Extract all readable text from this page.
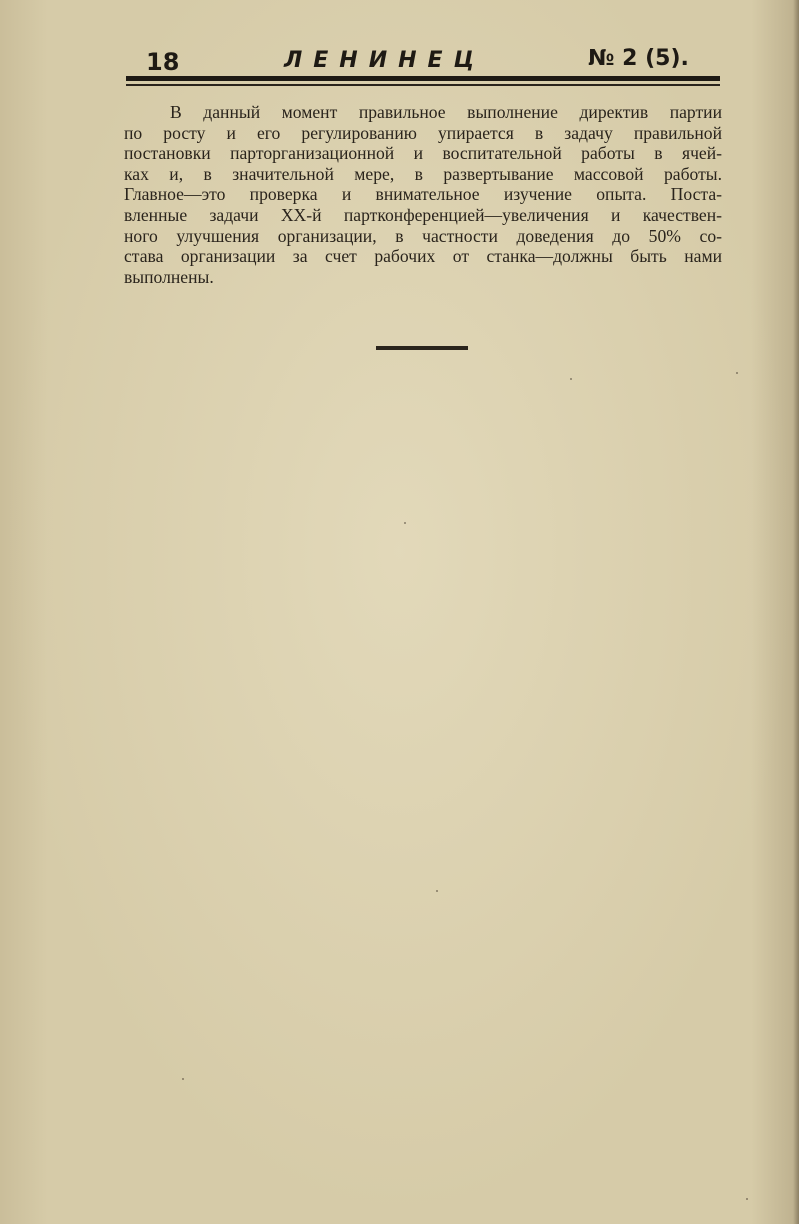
18	ЛЕНИНЕЦ	№ 2 (5).
В данный момент правильное выполнение директив партии
по росту и его регулированию упирается в задачу правильной
постановки парторганизационной и воспитательной работы в ячей-
ках и, в значительной мере, в развертывание массовой работы.
Главное—это проверка и внимательное изучение опыта. Поста-
вленные задачи XX-й партконференцией—увеличения и качествен-
ного улучшения организации, в частности доведения до 50% со-
става организации за счет рабочих от станка—должны быть нами
выполнены.
